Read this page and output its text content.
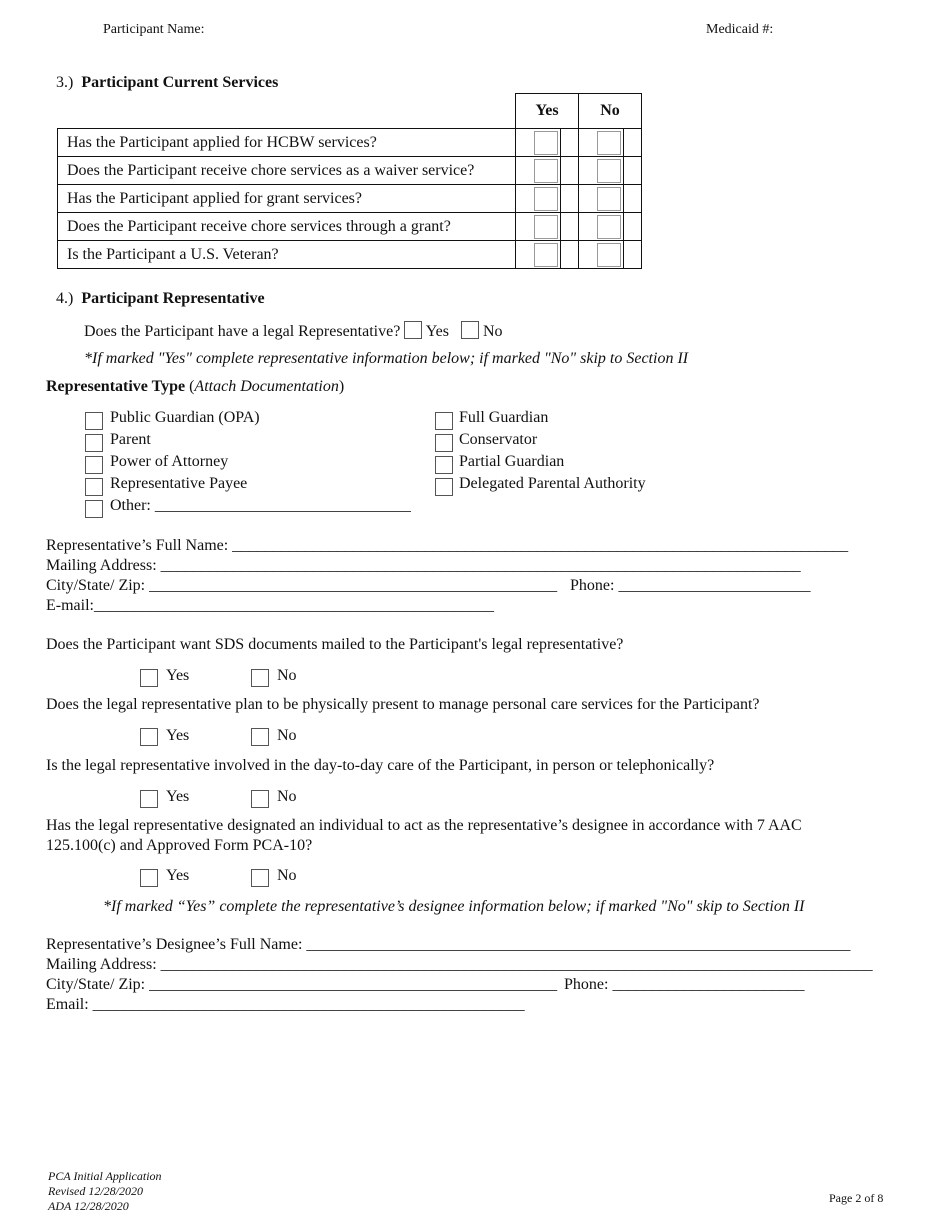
Participant Name:	Medicaid #:
3.) Participant Current Services
	Yes	No
Has the Participant applied for HCBW services?	

Does the Participant receive chore services as a waiver service?	

Has the Participant applied for grant services?	

Does the Participant receive chore services through a grant?	

Is the Participant a U.S. Veteran?	

4.) Participant Representative
Does the Participant have a legal Representative? Yes No
*If marked "Yes" complete representative information below; if marked "No" skip to Section II
Representative Type (Attach Documentation)
Public Guardian (OPA)
Parent
Power of Attorney
Representative Payee
Other: ________________________________
Full Guardian
Conservator
Partial Guardian
Delegated Parental Authority
Representative’s Full Name: _____________________________________________________________________________
Mailing Address: ________________________________________________________________________________
City/State/ Zip: ___________________________________________________ Phone: ________________________
E-mail:__________________________________________________
Does the Participant want SDS documents mailed to the Participant's legal representative?
Yes	No
Does the legal representative plan to be physically present to manage personal care services for the Participant?
Yes	No
Is the legal representative involved in the day-to-day care of the Participant, in person or telephonically?
Yes	No
Has the legal representative designated an individual to act as the representative’s designee in accordance with 7 AAC
125.100(c) and Approved Form PCA-10?
Yes	No
*If marked “Yes” complete the representative’s designee information below; if marked "No" skip to Section II
Representative’s Designee’s Full Name: ____________________________________________________________________
Mailing Address: _________________________________________________________________________________________
City/State/ Zip: ___________________________________________________ Phone: ________________________
Email: ______________________________________________________
PCA Initial Application
Revised 12/28/2020
ADA 12/28/2020
Page 2 of 8
